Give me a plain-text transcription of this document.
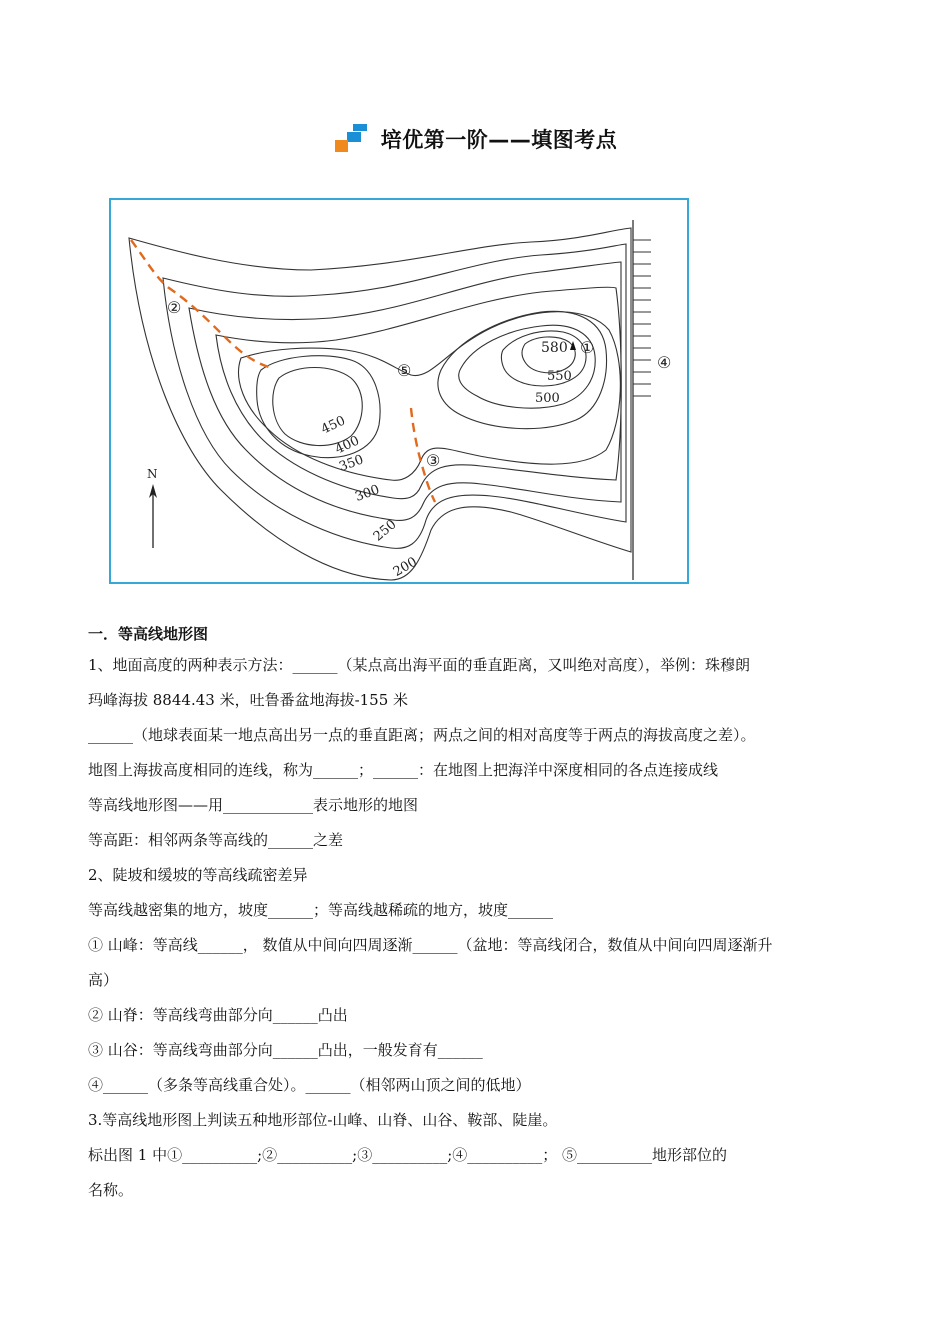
培优第一阶——填图考点
580 ①
②
③
④
⑤	550
500
450
400
350
300
250
200
N
一．等高线地形图

1、地面高度的两种表示方法：______（某点高出海平面的垂直距离，又叫绝对高度），举例：珠穆朗

玛峰海拔 8844.43 米，吐鲁番盆地海拔-155 米

______（地球表面某一地点高出另一点的垂直距离；两点之间的相对高度等于两点的海拔高度之差）。

地图上海拔高度相同的连线，称为______；______：在地图上把海洋中深度相同的各点连接成线

等高线地形图——用____________表示地形的地图

等高距：相邻两条等高线的______之差

2、陡坡和缓坡的等高线疏密差异

等高线越密集的地方，坡度______；等高线越稀疏的地方，坡度______

① 山峰：等高线______， 数值从中间向四周逐渐______（盆地：等高线闭合，数值从中间向四周逐渐升

高）

② 山脊：等高线弯曲部分向______凸出

③ 山谷：等高线弯曲部分向______凸出，一般发育有______

④______（多条等高线重合处）。______（相邻两山顶之间的低地）

3.等高线地形图上判读五种地形部位-山峰、山脊、山谷、鞍部、陡崖。

标出图 1 中①__________;②__________;③__________;④__________； ⑤__________地形部位的

名称。
